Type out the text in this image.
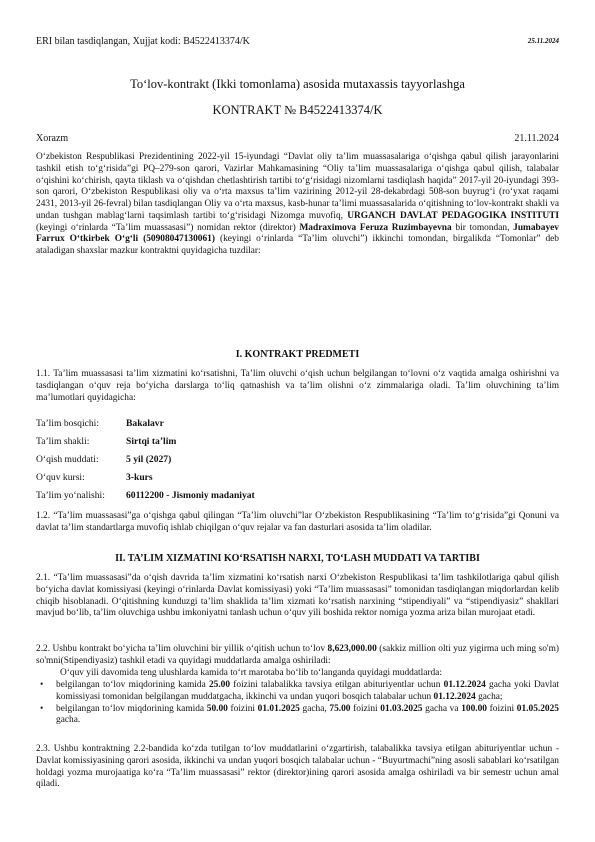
ERI bilan tasdiqlangan, Xujjat kodi: B4522413374/K	25.11.2024
To‘lov-kontrakt (Ikki tomonlama) asosida mutaxassis tayyorlashga
KONTRAKT № B4522413374/K
Xorazm	21.11.2024
O‘zbekiston Respublikasi Prezidentining 2022-yil 15-iyundagi “Davlat oliy ta’lim muassasalariga o‘qishga qabul qilish jarayonlarini tashkil etish to‘g‘risida”gi PQ–279-son qarori, Vazirlar Mahkamasining “Oliy ta’lim muassasalariga o‘qishga qabul qilish, talabalar o‘qishini ko‘chirish, qayta tiklash va o‘qishdan chetlashtirish tartibi to‘g‘risidagi nizomlarni tasdiqlash haqida” 2017-yil 20-iyundagi 393-son qarori, O‘zbekiston Respublikasi oliy va o‘rta maxsus ta’lim vazirining 2012-yil 28-dekabrdagi 508-son buyrug‘i (ro‘yxat raqami 2431, 2013-yil 26-fevral) bilan tasdiqlangan Oliy va o‘rta maxsus, kasb-hunar ta’limi muassasalarida o‘qitishning to‘lov-kontrakt shakli va undan tushgan mablag‘larni taqsimlash tartibi to‘g‘risidagi Nizomga muvofiq, URGANCH DAVLAT PEDAGOGIKA INSTITUTI (keyingi o‘rinlarda “Ta’lim muassasasi”) nomidan rektor (direktor) Madraximova Feruza Ruzimbayevna bir tomondan, Jumabayev Farrux O‘tkirbek O‘g‘li (50908047130061) (keyingi o‘rinlarda “Ta’lim oluvchi”) ikkinchi tomondan, birgalikda “Tomonlar” deb ataladigan shaxslar mazkur kontraktni quyidagicha tuzdilar:
I. KONTRAKT PREDMETI
1.1. Ta’lim muassasasi ta’lim xizmatini ko‘rsatishni, Ta’lim oluvchi o‘qish uchun belgilangan to‘lovni o‘z vaqtida amalga oshirishni va tasdiqlangan o‘quv reja bo‘yicha darslarga to‘liq qatnashish va ta’lim olishni o‘z zimmalariga oladi. Ta’lim oluvchining ta’lim ma’lumotlari quyidagicha:
Ta’lim bosqichi:	Bakalavr
Ta’lim shakli:	Sirtqi ta’lim
O‘qish muddati:	5 yil (2027)
O‘quv kursi:	3-kurs
Ta’lim yo‘nalishi:	60112200 - Jismoniy madaniyat
1.2. “Ta’lim muassasasi”ga o‘qishga qabul qilingan “Ta’lim oluvchi”lar O‘zbekiston Respublikasining “Ta’lim to‘g‘risida”gi Qonuni va davlat ta’lim standartlarga muvofiq ishlab chiqilgan o‘quv rejalar va fan dasturlari asosida ta’lim oladilar.
II. TA’LIM XIZMATINI KO‘RSATISH NARXI, TO‘LASH MUDDATI VA TARTIBI
2.1. “Ta’lim muassasasi”da o‘qish davrida ta’lim xizmatini ko‘rsatish narxi O‘zbekiston Respublikasi ta’lim tashkilotlariga qabul qilish bo‘yicha davlat komissiyasi (keyingi o‘rinlarda Davlat komissiyasi) yoki “Ta’lim muassasasi” tomonidan tasdiqlangan miqdorlardan kelib chiqib hisoblanadi. O‘qitishning kunduzgi ta’lim shaklida ta’lim xizmati ko‘rsatish narxining “stipendiyali” va “stipendiyasiz” shakllari mavjud bo‘lib, ta’lim oluvchiga ushbu imkoniyatni tanlash uchun o‘quv yili boshida rektor nomiga yozma ariza bilan murojaat etadi.
2.2. Ushbu kontrakt bo‘yicha ta’lim oluvchini bir yillik o‘qitish uchun to‘lov 8,623,000.00 (sakkiz million olti yuz yigirma uch ming so'm) so'mni(Stipendiyasiz) tashkil etadi va quyidagi muddatlarda amalga oshiriladi:
O‘quv yili davomida teng ulushlarda kamida to‘rt marotaba bo‘lib to‘langanda quyidagi muddatlarda:
• belgilangan to‘lov miqdorining kamida 25.00 foizini talabalikka tavsiya etilgan abituriyentlar uchun 01.12.2024 gacha yoki Davlat komissiyasi tomonidan belgilangan muddatgacha, ikkinchi va undan yuqori bosqich talabalar uchun 01.12.2024 gacha;
• belgilangan to‘lov miqdorining kamida 50.00 foizini 01.01.2025 gacha, 75.00 foizini 01.03.2025 gacha va 100.00 foizini 01.05.2025 gacha.
2.3. Ushbu kontraktning 2.2-bandida ko‘zda tutilgan to‘lov muddatlarini o‘zgartirish, talabalikka tavsiya etilgan abituriyentlar uchun - Davlat komissiyasining qarori asosida, ikkinchi va undan yuqori bosqich talabalar uchun - “Buyurtmachi”ning asosli sabablari ko‘rsatilgan holdagi yozma murojaatiga ko‘ra “Ta’lim muassasasi” rektor (direktor)ining qarori asosida amalga oshiriladi va bir semestr uchun amal qiladi.
